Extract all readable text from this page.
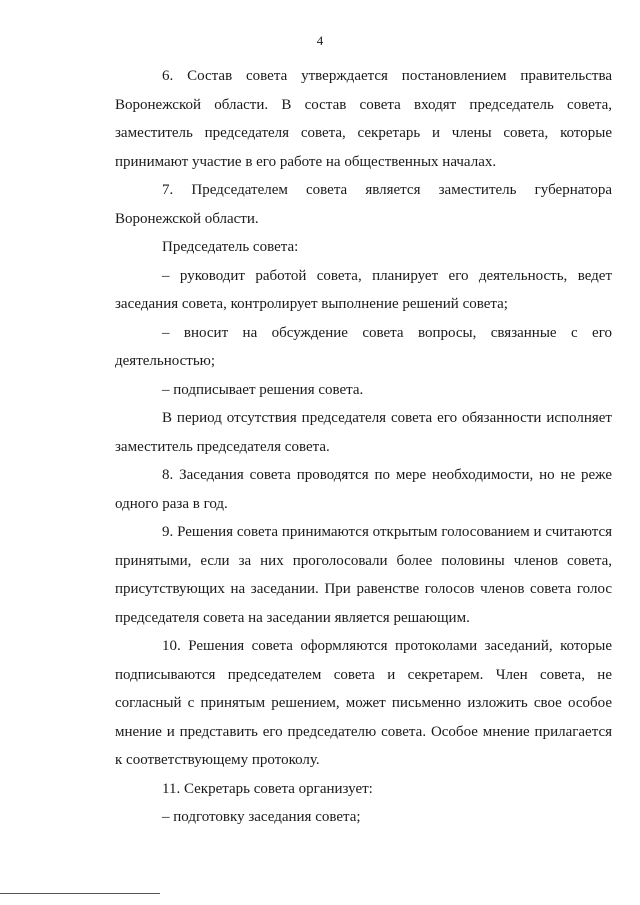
4

6. Состав совета утверждается постановлением правительства Воронежской области. В состав совета входят председатель совета, заместитель председателя совета, секретарь и члены совета, которые принимают участие в его работе на общественных началах.

7. Председателем совета является заместитель губернатора Воронежской области.

Председатель совета:

– руководит работой совета, планирует его деятельность, ведет заседания совета, контролирует выполнение решений совета;

– вносит на обсуждение совета вопросы, связанные с его деятельностью;

– подписывает решения совета.

В период отсутствия председателя совета его обязанности исполняет заместитель председателя совета.

8. Заседания совета проводятся по мере необходимости, но не реже одного раза в год.

9. Решения совета принимаются открытым голосованием и считаются принятыми, если за них проголосовали более половины членов совета, присутствующих на заседании. При равенстве голосов членов совета голос председателя совета на заседании является решающим.

10. Решения совета оформляются протоколами заседаний, которые подписываются председателем совета и секретарем. Член совета, не согласный с принятым решением, может письменно изложить свое особое мнение и представить его председателю совета. Особое мнение прилагается к соответствующему протоколу.

11. Секретарь совета организует:

– подготовку заседания совета;
